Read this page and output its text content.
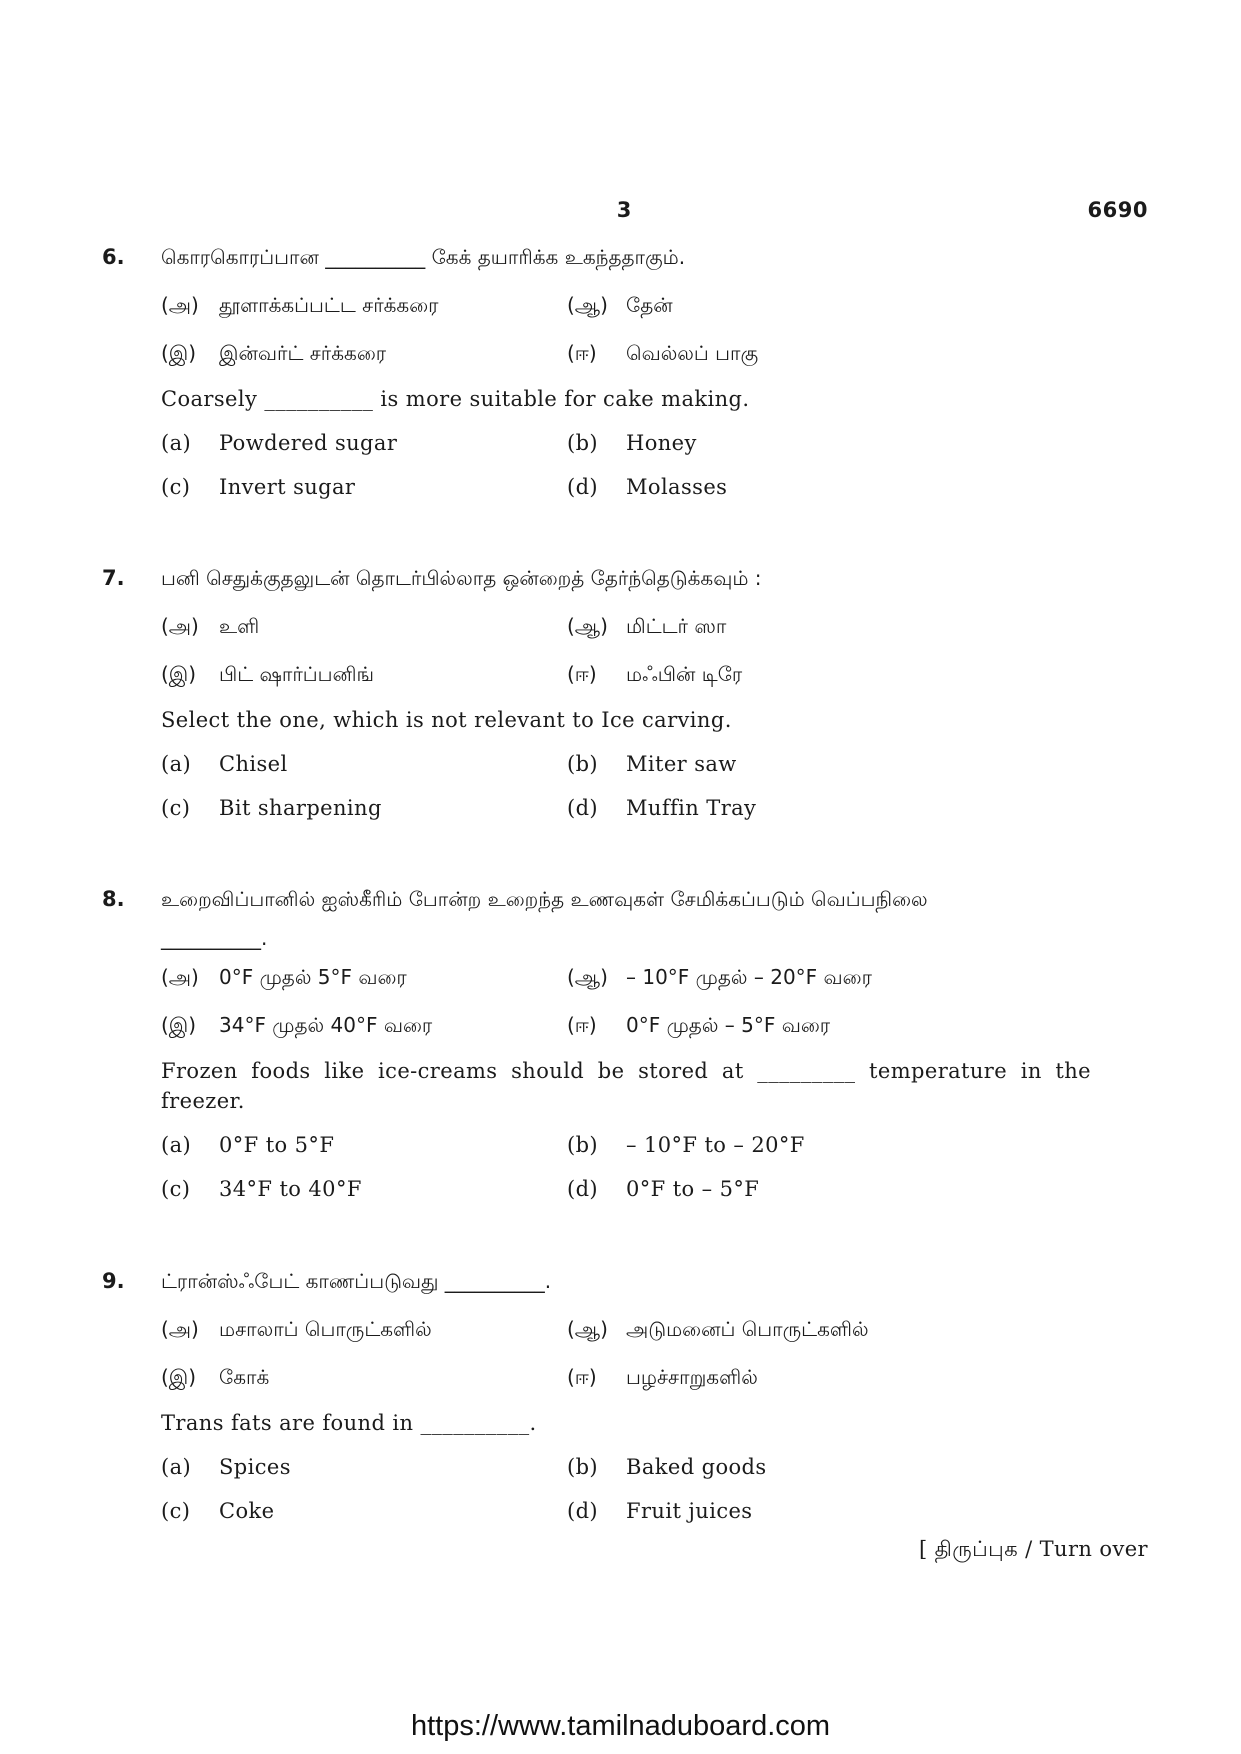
3	6690
6. கொரகொரப்பான __________ கேக் தயாரிக்க உகந்ததாகும்.
(அ) தூளாக்கப்பட்ட சர்க்கரை	(ஆ) தேன்
(இ) இன்வர்ட் சர்க்கரை	(ஈ) வெல்லப் பாகு
Coarsely __________ is more suitable for cake making.
(a) Powdered sugar	(b) Honey
(c) Invert sugar	(d) Molasses
7. பனி செதுக்குதலுடன் தொடர்பில்லாத ஒன்றைத் தேர்ந்தெடுக்கவும் :
(அ) உளி	(ஆ) மிட்டர் ஸா
(இ) பிட் ஷார்ப்பனிங்	(ஈ) மஃபின் டிரே
Select the one, which is not relevant to Ice carving.
(a) Chisel	(b) Miter saw
(c) Bit sharpening	(d) Muffin Tray
8. உறைவிப்பானில் ஐஸ்கீரிம் போன்ற உறைந்த உணவுகள் சேமிக்கப்படும் வெப்பநிலை
__________.
(அ) 0°F முதல் 5°F வரை	(ஆ) – 10°F முதல் – 20°F வரை
(இ) 34°F முதல் 40°F வரை	(ஈ) 0°F முதல் – 5°F வரை
Frozen foods like ice-creams should be stored at _________ temperature in the
freezer.
(a) 0°F to 5°F	(b) – 10°F to – 20°F
(c) 34°F to 40°F	(d) 0°F to – 5°F
9. ட்ரான்ஸ்ஃபேட் காணப்படுவது __________.
(அ) மசாலாப் பொருட்களில்	(ஆ) அடுமனைப் பொருட்களில்
(இ) கோக்	(ஈ) பழச்சாறுகளில்
Trans fats are found in __________.
(a) Spices	(b) Baked goods
(c) Coke	(d) Fruit juices
[ திருப்புக / Turn over
https://www.tamilnaduboard.com
